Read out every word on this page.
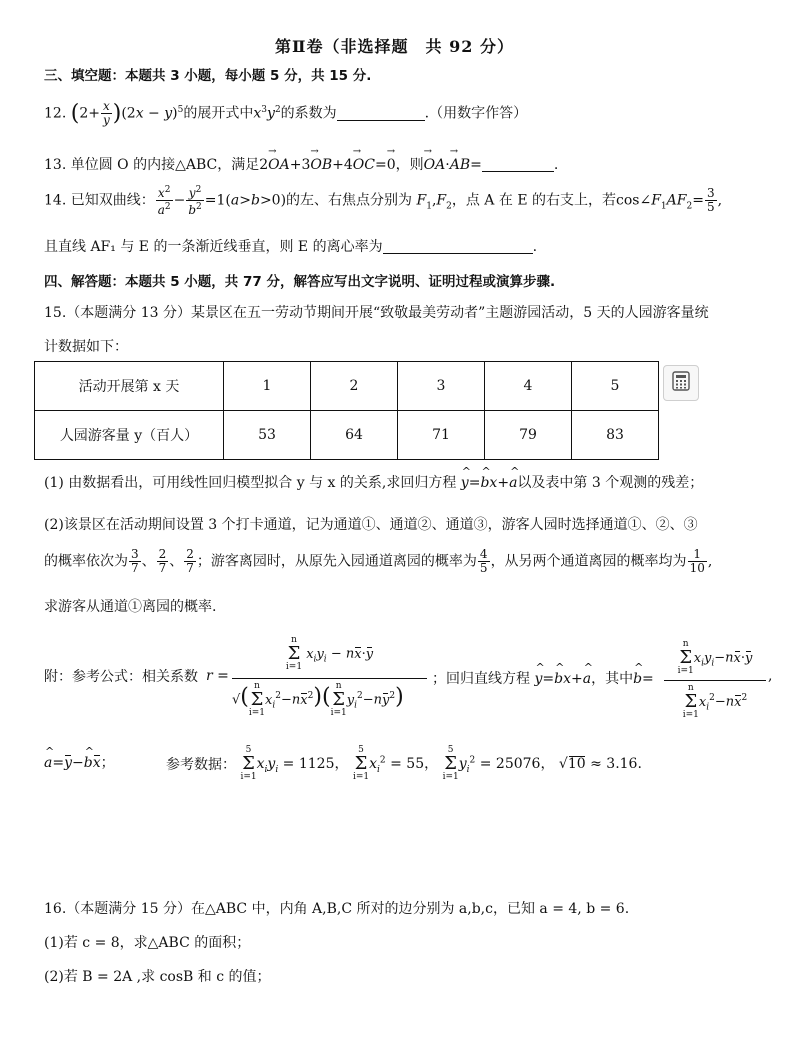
第Ⅱ卷（非选择题　共 92 分）
三、填空题：本题共 3 小题，每小题 5 分，共 15 分.
12. $(2+ \frac{x}{y} )(2x - y)^5$的展开式中$x^3y^2$的系数为	.（用数字作答）
13. 单位圆 O 的内接△ABC，满足2→ OA+3→ OB+4→ OC=→ 0，则→ OA·→ AB=	.
14. 已知双曲线： $\frac{x^2}{a^2} - \frac{y^2}{b^2} =1(a>b>0)$的左、右焦点分别为 $F_1,F_2$，点 A 在 E 的右支上，若$\cos\angle F_1AF_2= \frac{3}{5}$ ,
且直线 AF₁ 与 E 的一条渐近线垂直，则 E 的离心率为	.
四、解答题：本题共 5 小题，共 77 分，解答应写出文字说明、证明过程或演算步骤.
15.（本题满分 13 分）某景区在五一劳动节期间开展“致敬最美劳动者”主题游园活动，5 天的人园游客量统
计数据如下：
活动开展第 x 天	1	2	3	4	5
人园游客量 y（百人）	53	64	71	79	83
(1) 由数据看出，可用线性回归模型拟合 y 与 x 的关系,求回归方程 ^ y=^ bx+^ a以及表中第 3 个观测的残差；
(2)该景区在活动期间设置 3 个打卡通道，记为通道①、通道②、通道③，游客人园时选择通道①、②、③
的概率依次为 $\frac{3}{7}$ 、 $\frac{2}{7}$ 、 $\frac{2}{7}$ ；游客离园时，从原先入园通道离园的概率为 $\frac{4}{5}$ ，从另两个通道离园的概率均为 $\frac{1}{10}$ ,
求游客从通道①离园的概率.
附：参考公式：相关系数 r =
n
Σ
i=1 $x_iy_i - nx\cdot y$
√( n
Σ
$i=1x_i^2-nx^2$)( n
Σ
$i=1y_i^2-ny^2$)
；回归直线方程 ^ y=^ bx+^ a，其中^ b=
n
Σ
$i=1x_iy_i-nx\cdot y$
n
Σ
$i=1x_i^2-nx^2$
,
^ a=y−^ bx；	参考数据： 5
Σ
$i=1x_iy_i = 1125$， 5
Σ
$i=1x_i^2 = 55$， 5
Σ
$i=1y_i^2 = 25076$， √10 ≈ 3.16.
16.（本题满分 15 分）在△ABC 中，内角 A,B,C 所对的边分别为 a,b,c，已知 a = 4, b = 6.
(1)若 c = 8，求△ABC 的面积；
(2)若 B = 2A ,求 cosB 和 c 的值；
